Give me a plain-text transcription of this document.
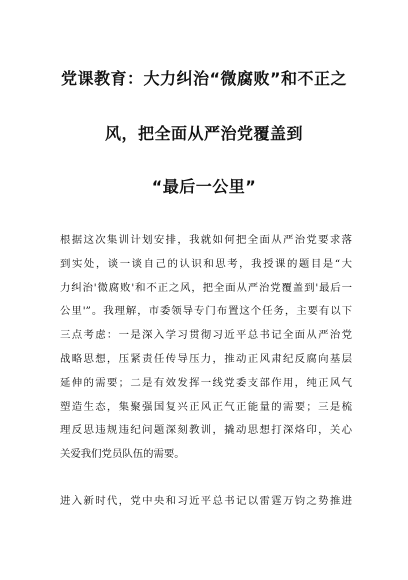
党课教育：大力纠治“微腐败”和不正之
风，把全面从严治党覆盖到
“最后一公里”
根据这次集训计划安排，我就如何把全面从严治党要求落
到实处，谈一谈自己的认识和思考，我授课的题目是“大
力纠治'微腐败'和不正之风，把全面从严治党覆盖到'最后一
公里'”。我理解，市委领导专门布置这个任务，主要有以下
三点考虑：一是深入学习贯彻习近平总书记全面从严治党
战略思想，压紧责任传导压力，推动正风肃纪反腐向基层
延伸的需要；二是有效发挥一线党委支部作用，纯正风气
塑造生态，集聚强国复兴正风正气正能量的需要；三是梳
理反思违规违纪问题深刻教训，撬动思想打深烙印，关心
关爱我们党员队伍的需要。
进入新时代，党中央和习近平总书记以雷霆万钧之势推进
